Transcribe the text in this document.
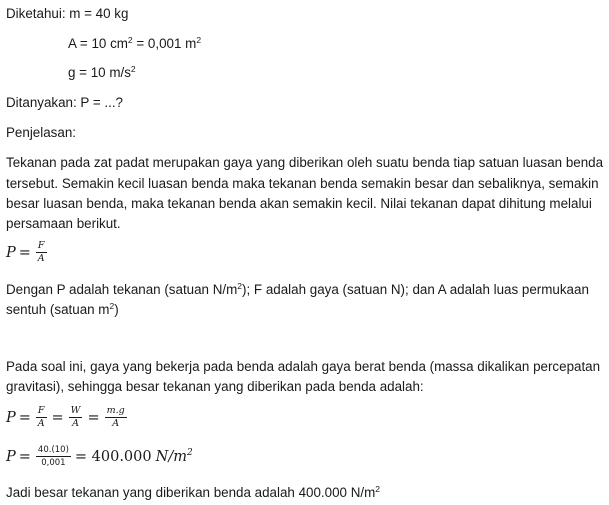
Diketahui: m = 40 kg
A = 10 $cm^2 = 0,001$ $m^2$
g = 10 $m/s^2$
Ditanyakan: P = ...?
Penjelasan:
Tekanan pada zat padat merupakan gaya yang diberikan oleh suatu benda tiap satuan luasan benda
tersebut. Semakin kecil luasan benda maka tekanan benda semakin besar dan sebaliknya, semakin
besar luasan benda, maka tekanan benda akan semakin kecil. Nilai tekanan dapat dihitung melalui
persamaan berikut.
$P = \frac{F}{A}$
Dengan P adalah tekanan (satuan $N/m^2$); F adalah gaya (satuan N); dan A adalah luas permukaan
sentuh (satuan $m^2$)
Pada soal ini, gaya yang bekerja pada benda adalah gaya berat benda (massa dikalikan percepatan
gravitasi), sehingga besar tekanan yang diberikan pada benda adalah:
$P = \frac{F}{A} = \frac{W}{A} = \frac{m.g}{A}$
$P = \frac{40.(10)}{0,001} = 400.000$ $N/m^2$
Jadi besar tekanan yang diberikan benda adalah 400.000 $N/m^2$
